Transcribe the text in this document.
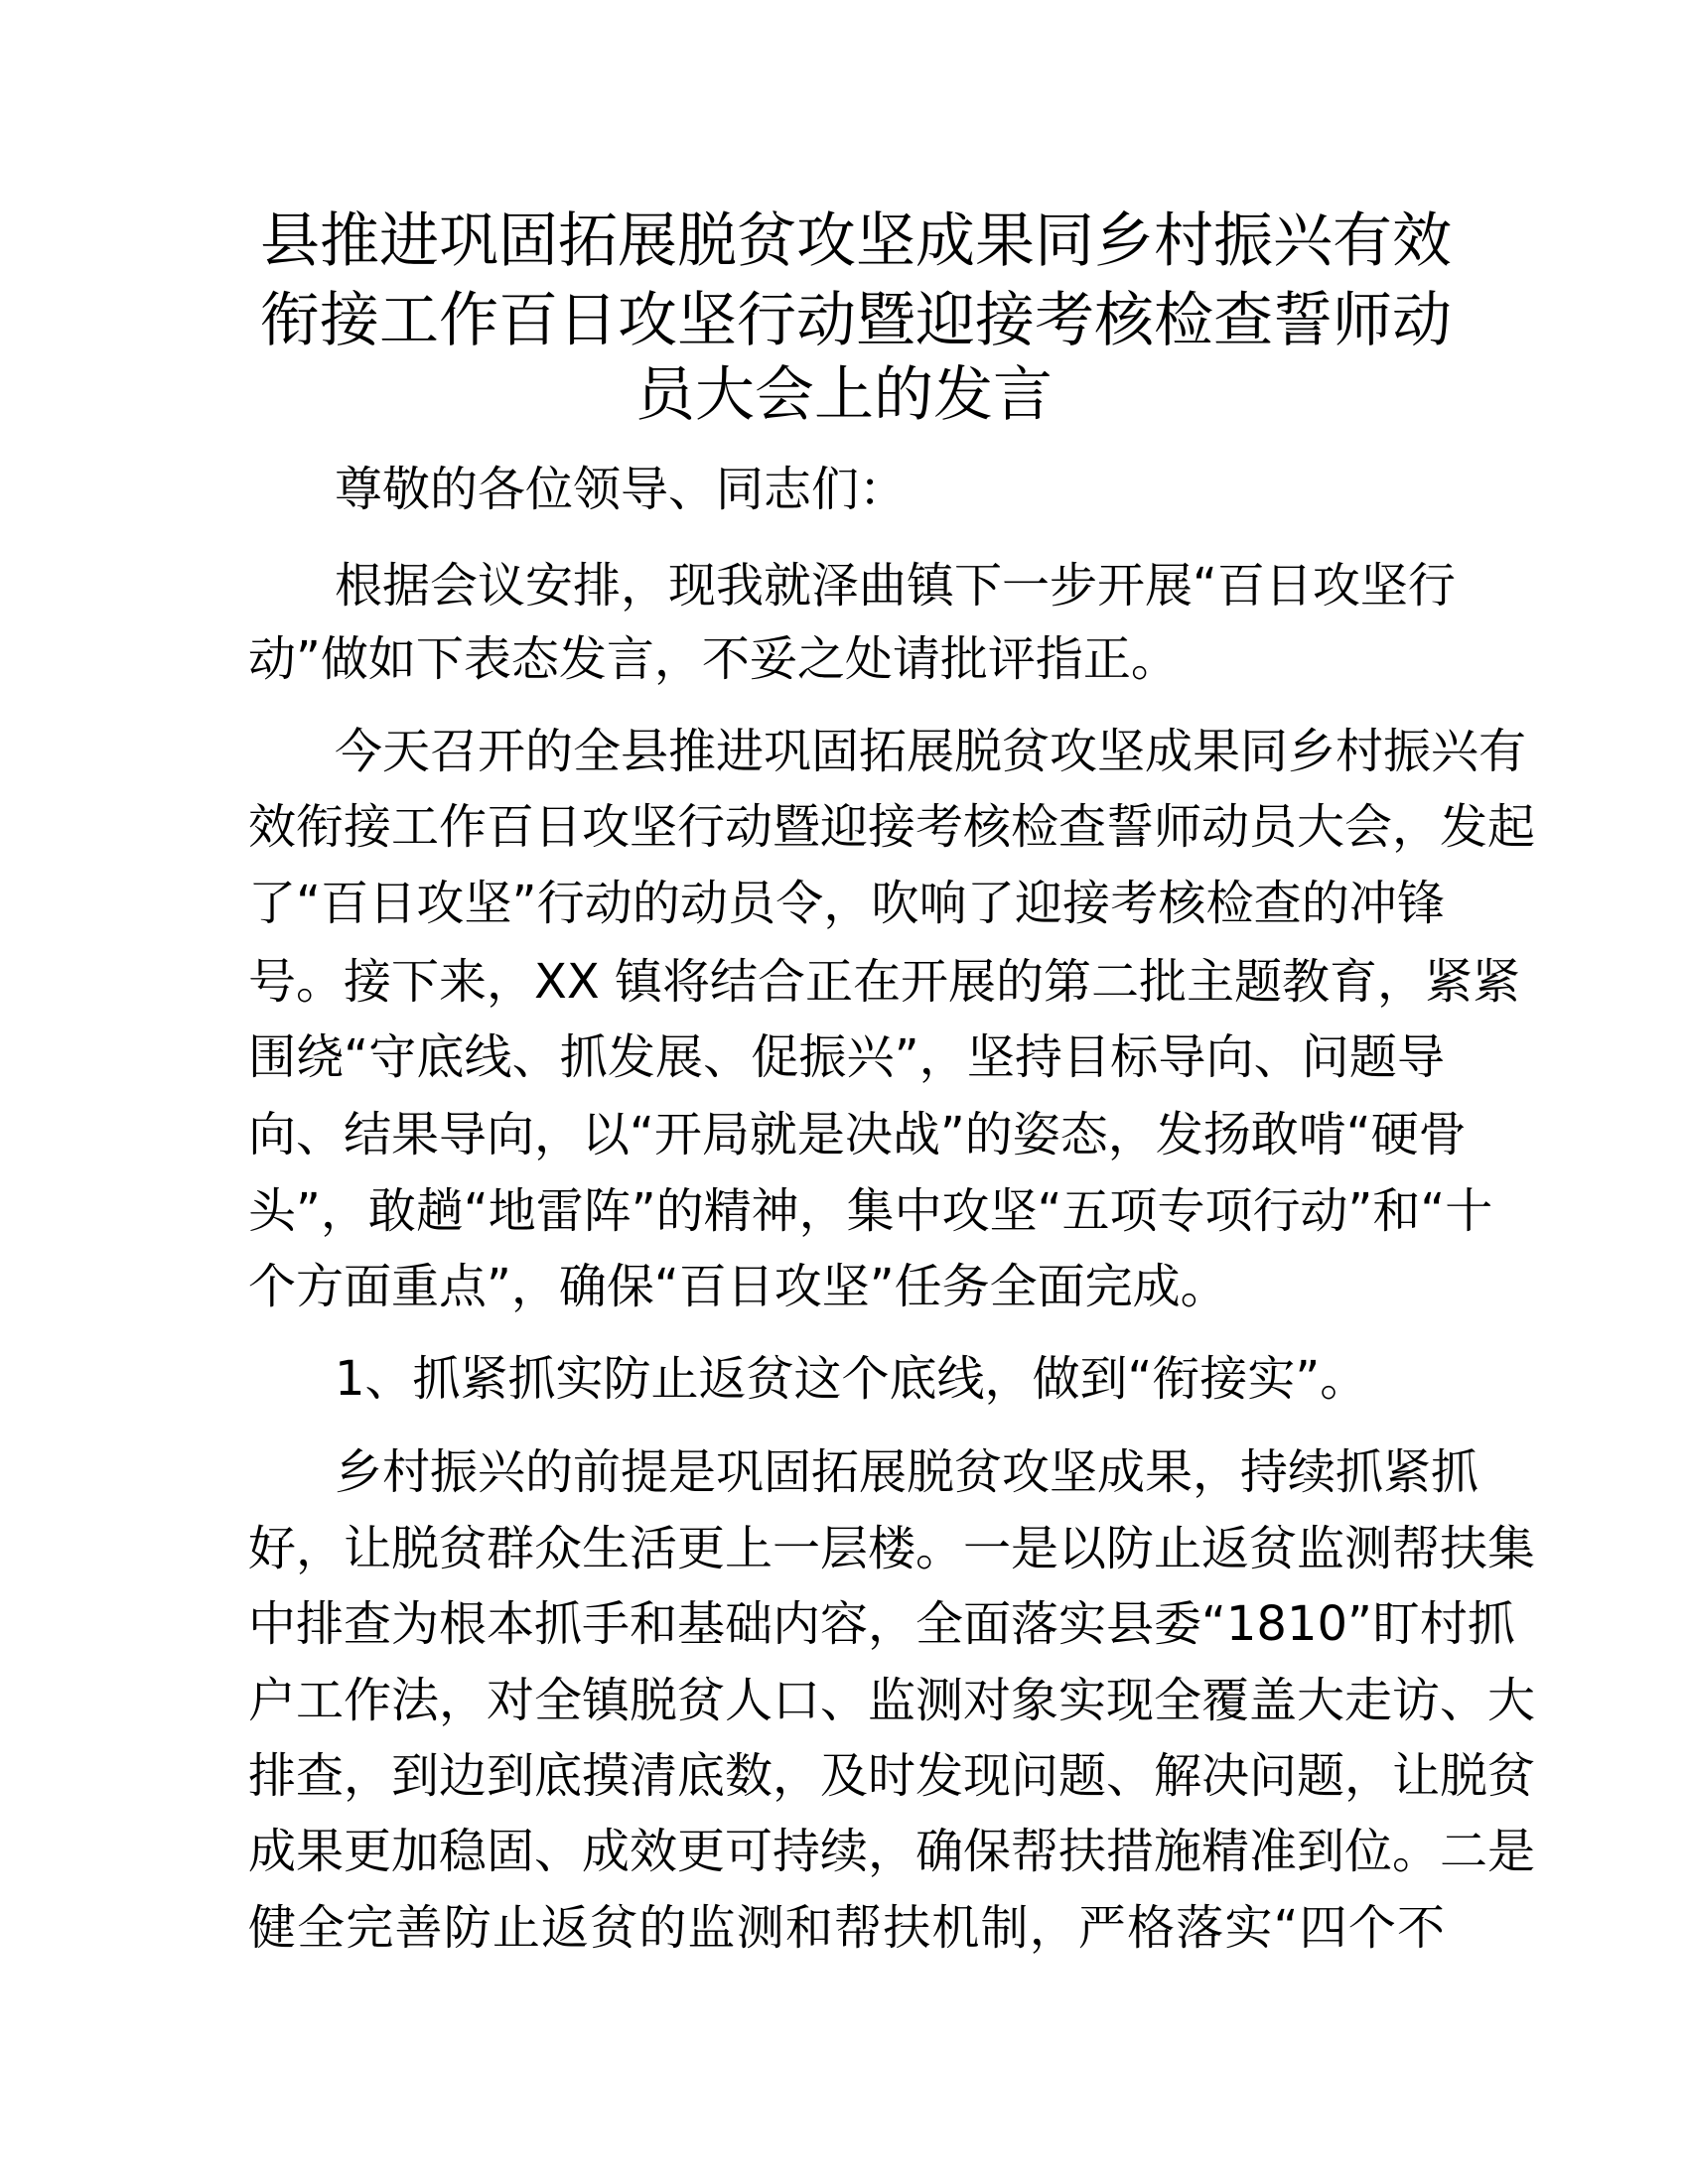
县推进巩固拓展脱贫攻坚成果同乡村振兴有效
衔接工作百日攻坚行动暨迎接考核检查誓师动
员大会上的发言
尊敬的各位领导、同志们：
根据会议安排，现我就泽曲镇下一步开展“百日攻坚行
动”做如下表态发言，不妥之处请批评指正。
今天召开的全县推进巩固拓展脱贫攻坚成果同乡村振兴有
效衔接工作百日攻坚行动暨迎接考核检查誓师动员大会，发起
了“百日攻坚”行动的动员令，吹响了迎接考核检查的冲锋
号。接下来，XX 镇将结合正在开展的第二批主题教育，紧紧
围绕“守底线、抓发展、促振兴”，坚持目标导向、问题导
向、结果导向，以“开局就是决战”的姿态，发扬敢啃“硬骨
头”，敢趟“地雷阵”的精神，集中攻坚“五项专项行动”和“十
个方面重点”，确保“百日攻坚”任务全面完成。
1、抓紧抓实防止返贫这个底线，做到“衔接实”。
乡村振兴的前提是巩固拓展脱贫攻坚成果，持续抓紧抓
好，让脱贫群众生活更上一层楼。一是以防止返贫监测帮扶集
中排查为根本抓手和基础内容，全面落实县委“1810”盯村抓
户工作法，对全镇脱贫人口、监测对象实现全覆盖大走访、大
排查，到边到底摸清底数，及时发现问题、解决问题，让脱贫
成果更加稳固、成效更可持续，确保帮扶措施精准到位。二是
健全完善防止返贫的监测和帮扶机制，严格落实“四个不
